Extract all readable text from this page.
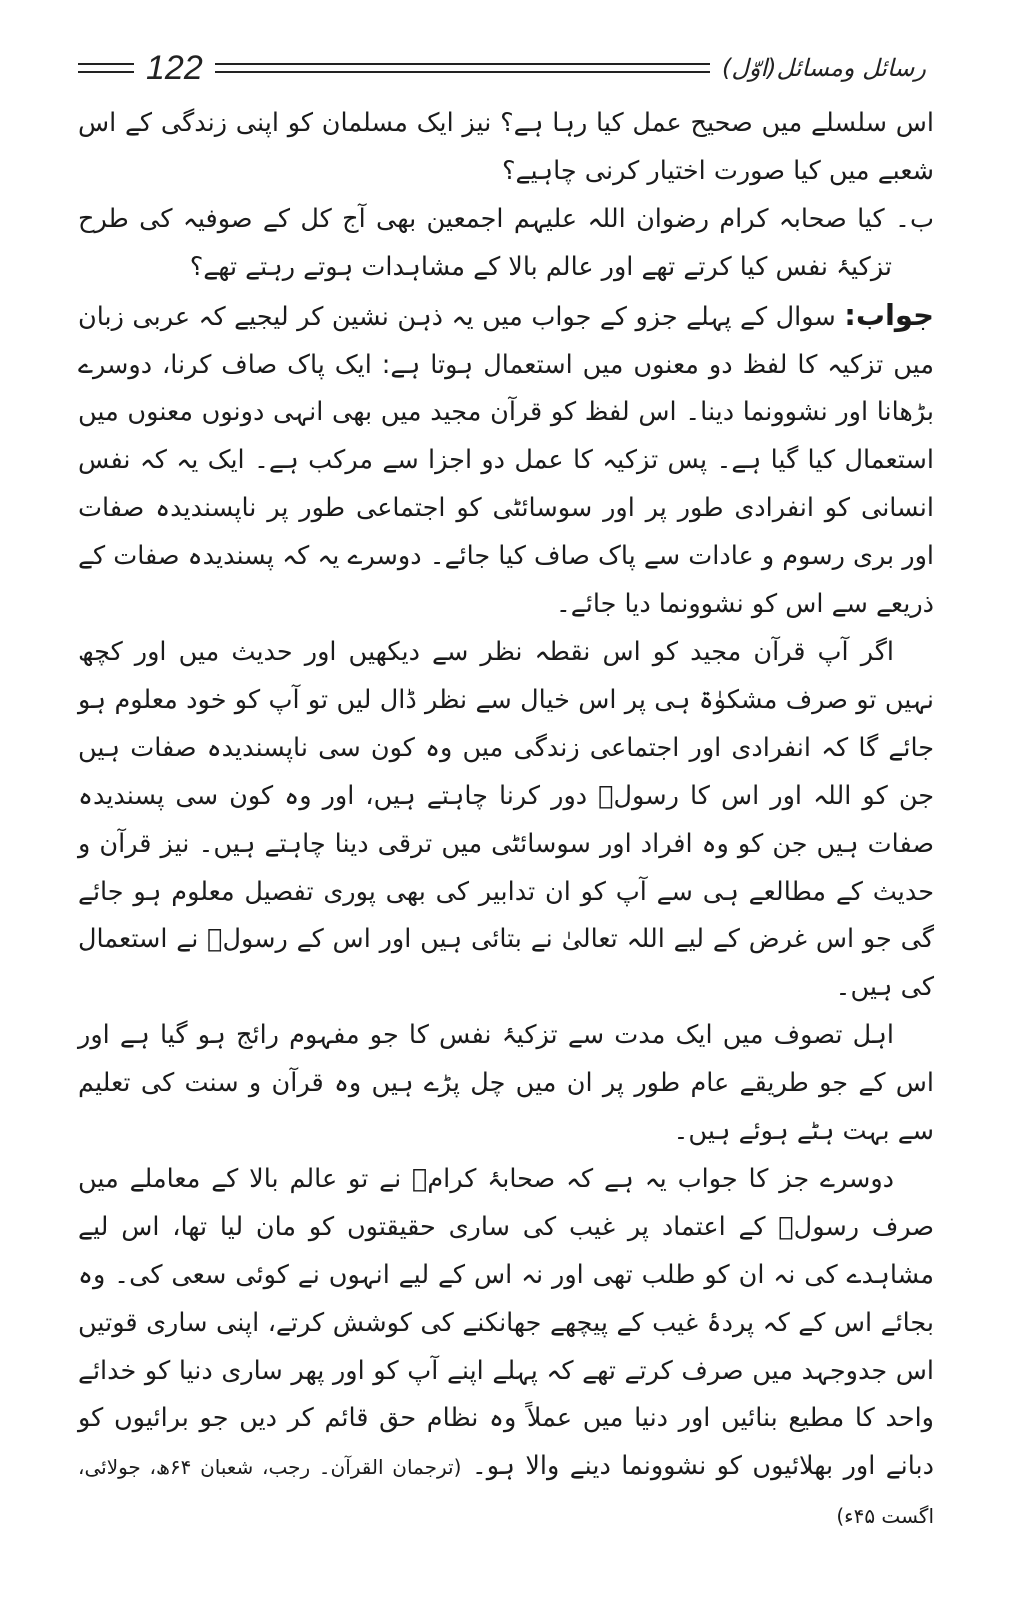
122	رسائل ومسائل(اوّل)

اس سلسلے میں صحیح عمل کیا رہا ہے؟ نیز ایک مسلمان کو اپنی زندگی کے اس شعبے میں کیا صورت اختیار کرنی چاہیے؟

ب۔ کیا صحابہ کرام رضوان اللہ علیہم اجمعین بھی آج کل کے صوفیہ کی طرح تزکیۂ نفس کیا کرتے تھے اور عالم بالا کے مشاہدات ہوتے رہتے تھے؟

جواب: سوال کے پہلے جزو کے جواب میں یہ ذہن نشین کر لیجیے کہ عربی زبان میں تزکیہ کا لفظ دو معنوں میں استعمال ہوتا ہے: ایک پاک صاف کرنا، دوسرے بڑھانا اور نشوونما دینا۔ اس لفظ کو قرآن مجید میں بھی انہی دونوں معنوں میں استعمال کیا گیا ہے۔ پس تزکیہ کا عمل دو اجزا سے مرکب ہے۔ ایک یہ کہ نفس انسانی کو انفرادی طور پر اور سوسائٹی کو اجتماعی طور پر ناپسندیدہ صفات اور بری رسوم و عادات سے پاک صاف کیا جائے۔ دوسرے یہ کہ پسندیدہ صفات کے ذریعے سے اس کو نشوونما دیا جائے۔

اگر آپ قرآن مجید کو اس نقطہ نظر سے دیکھیں اور حدیث میں اور کچھ نہیں تو صرف مشکوٰۃ ہی پر اس خیال سے نظر ڈال لیں تو آپ کو خود معلوم ہو جائے گا کہ انفرادی اور اجتماعی زندگی میں وہ کون سی ناپسندیدہ صفات ہیں جن کو اللہ اور اس کا رسولؐ دور کرنا چاہتے ہیں، اور وہ کون سی پسندیدہ صفات ہیں جن کو وہ افراد اور سوسائٹی میں ترقی دینا چاہتے ہیں۔ نیز قرآن و حدیث کے مطالعے ہی سے آپ کو ان تدابیر کی بھی پوری تفصیل معلوم ہو جائے گی جو اس غرض کے لیے اللہ تعالیٰ نے بتائی ہیں اور اس کے رسولؐ نے استعمال کی ہیں۔

اہل تصوف میں ایک مدت سے تزکیۂ نفس کا جو مفہوم رائج ہو گیا ہے اور اس کے جو طریقے عام طور پر ان میں چل پڑے ہیں وہ قرآن و سنت کی تعلیم سے بہت ہٹے ہوئے ہیں۔

دوسرے جز کا جواب یہ ہے کہ صحابۂ کرامؓ نے تو عالم بالا کے معاملے میں صرف رسولؐ کے اعتماد پر غیب کی ساری حقیقتوں کو مان لیا تھا، اس لیے مشاہدے کی نہ ان کو طلب تھی اور نہ اس کے لیے انہوں نے کوئی سعی کی۔ وہ بجائے اس کے کہ پردۂ غیب کے پیچھے جھانکنے کی کوشش کرتے، اپنی ساری قوتیں اس جدوجہد میں صرف کرتے تھے کہ پہلے اپنے آپ کو اور پھر ساری دنیا کو خدائے واحد کا مطیع بنائیں اور دنیا میں عملاً وہ نظام حق قائم کر دیں جو برائیوں کو دبانے اور بھلائیوں کو نشوونما دینے والا ہو۔ (ترجمان القرآن۔ رجب، شعبان ۶۴ھ، جولائی، اگست ۴۵ء)
